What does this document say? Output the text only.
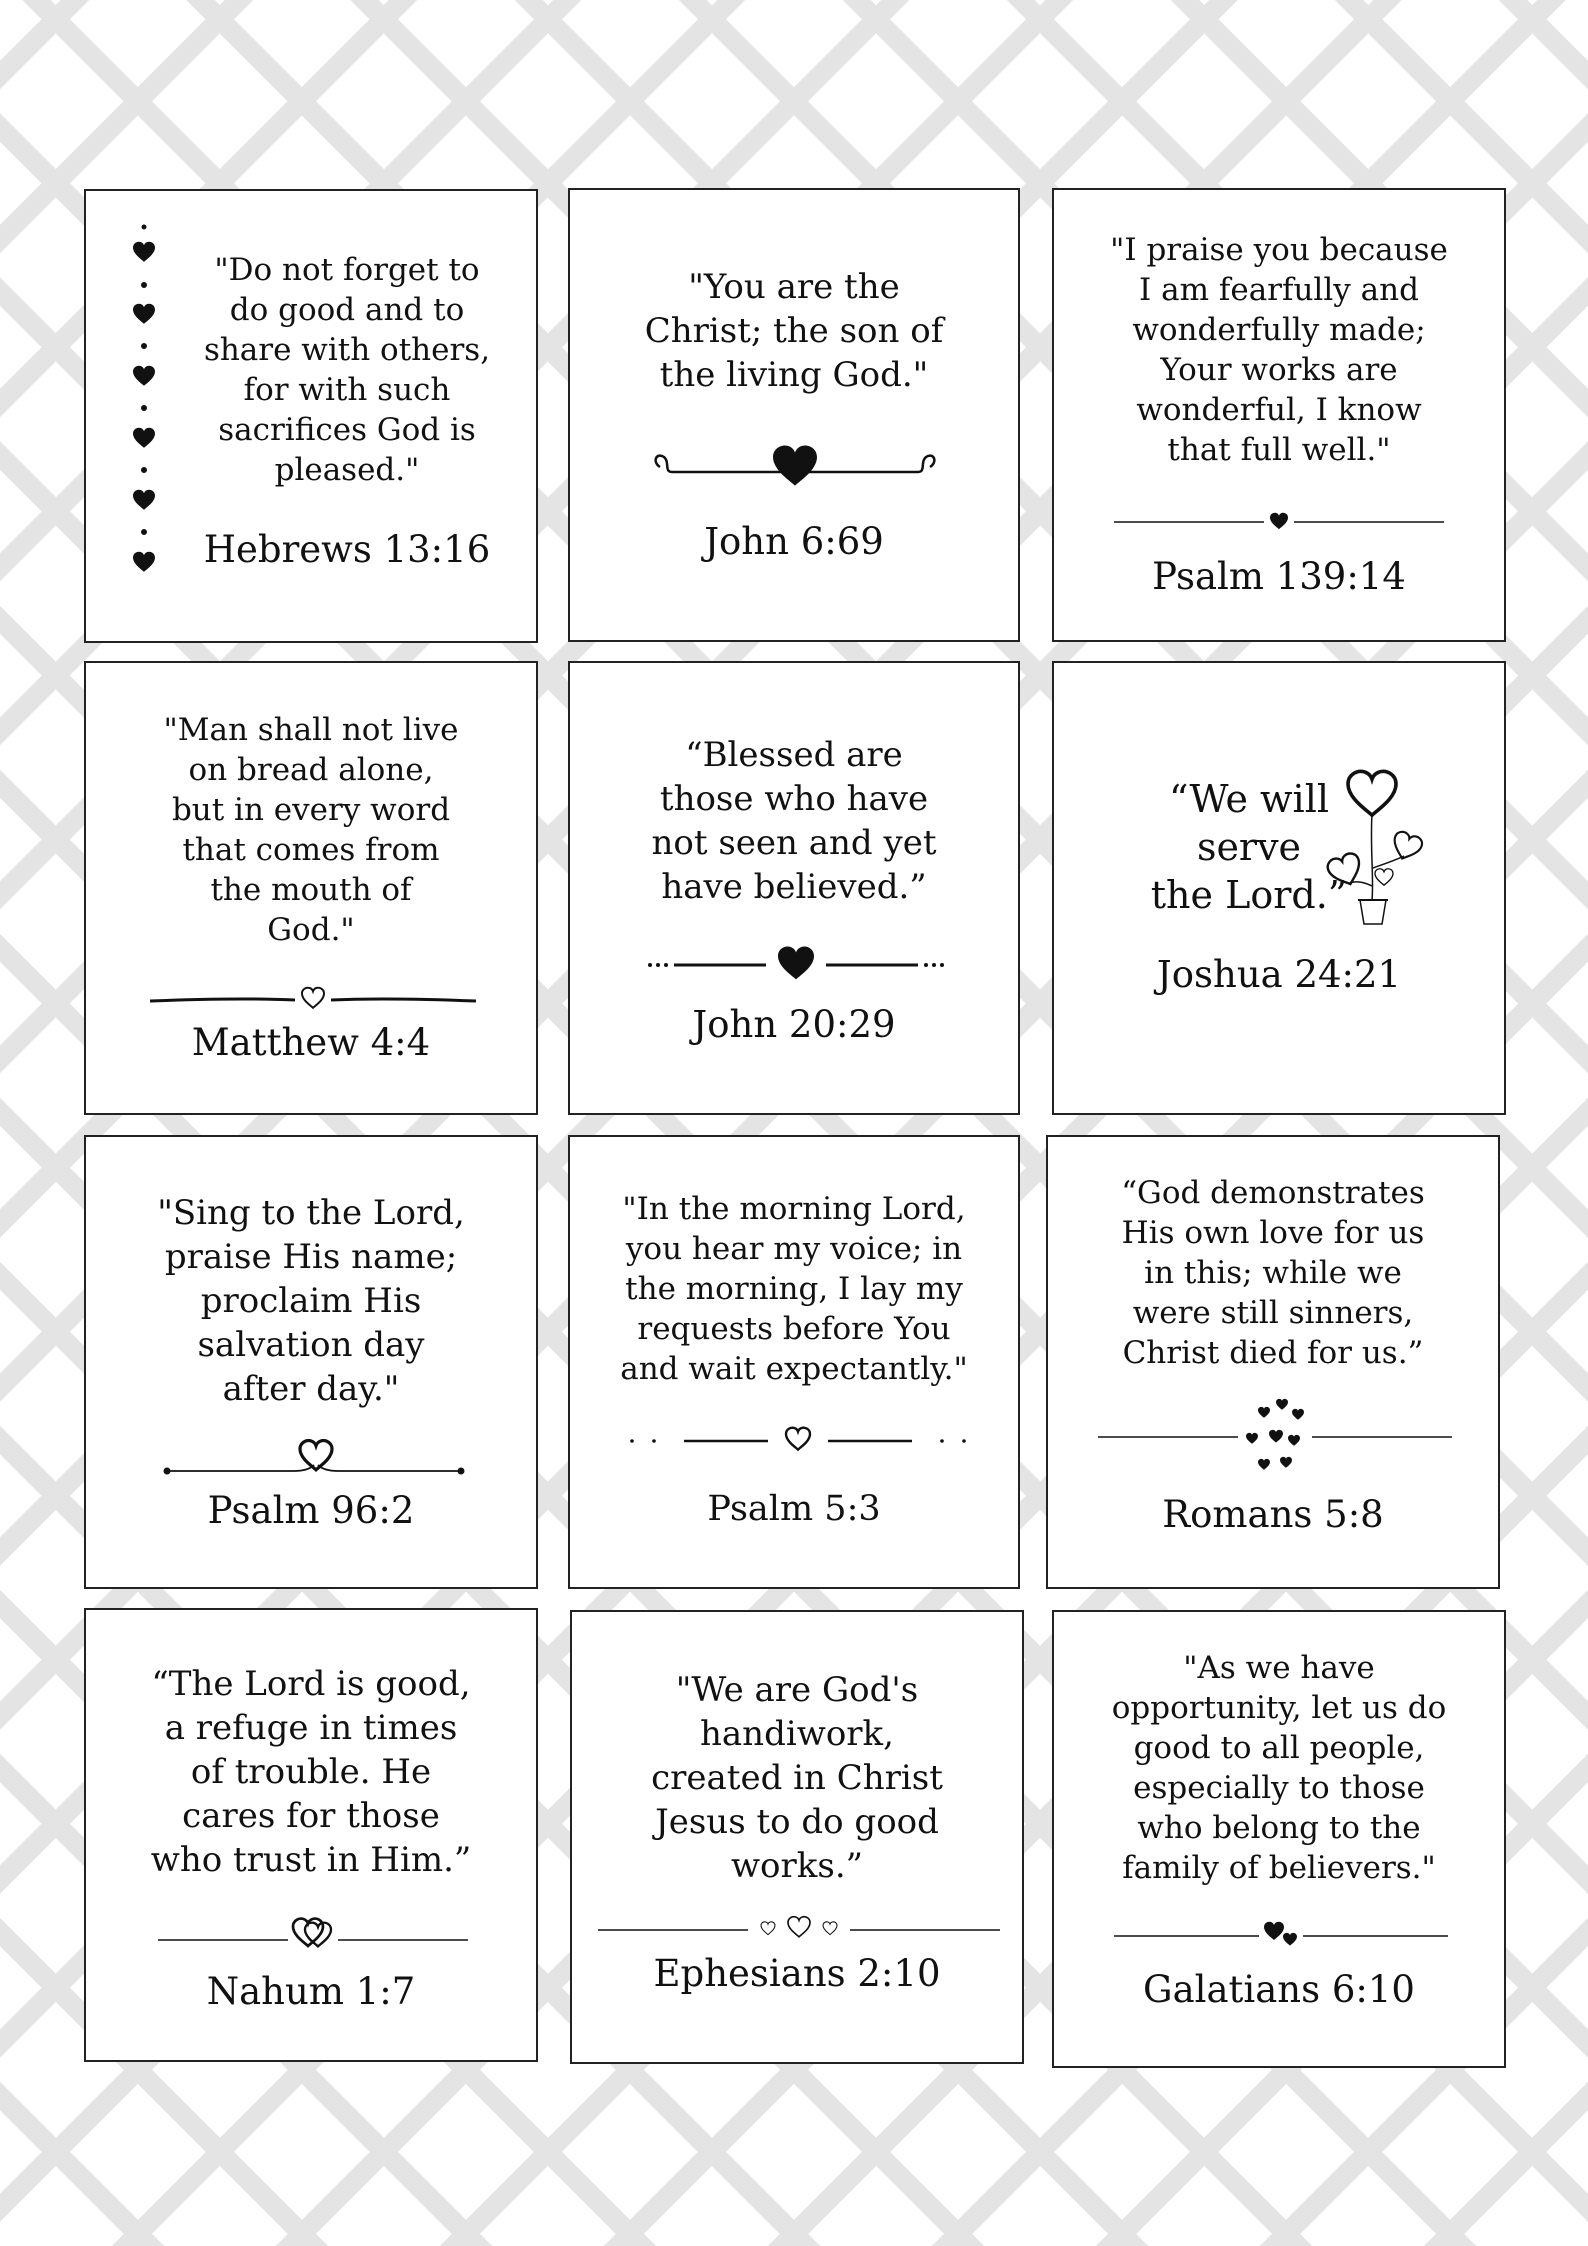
"Do not forget to
do good and to
share with others,
for with such
sacrifices God is
pleased."
Hebrews 13:16
"You are the
Christ; the son of
the living God."
John 6:69
"I praise you because
I am fearfully and
wonderfully made;
Your works are
wonderful, I know
that full well."
Psalm 139:14
"Man shall not live
on bread alone,
but in every word
that comes from
the mouth of
God."
Matthew 4:4
“Blessed are
those who have
not seen and yet
have believed.”
John 20:29
“We will
serve
the Lord.”
Joshua 24:21
"Sing to the Lord,
praise His name;
proclaim His
salvation day
after day."
Psalm 96:2
"In the morning Lord,
you hear my voice; in
the morning, I lay my
requests before You
and wait expectantly."
Psalm 5:3
“God demonstrates
His own love for us
in this; while we
were still sinners,
Christ died for us.”
Romans 5:8
“The Lord is good,
a refuge in times
of trouble. He
cares for those
who trust in Him.”
Nahum 1:7
"We are God's
handiwork,
created in Christ
Jesus to do good
works.”
Ephesians 2:10
"As we have
opportunity, let us do
good to all people,
especially to those
who belong to the
family of believers."
Galatians 6:10
